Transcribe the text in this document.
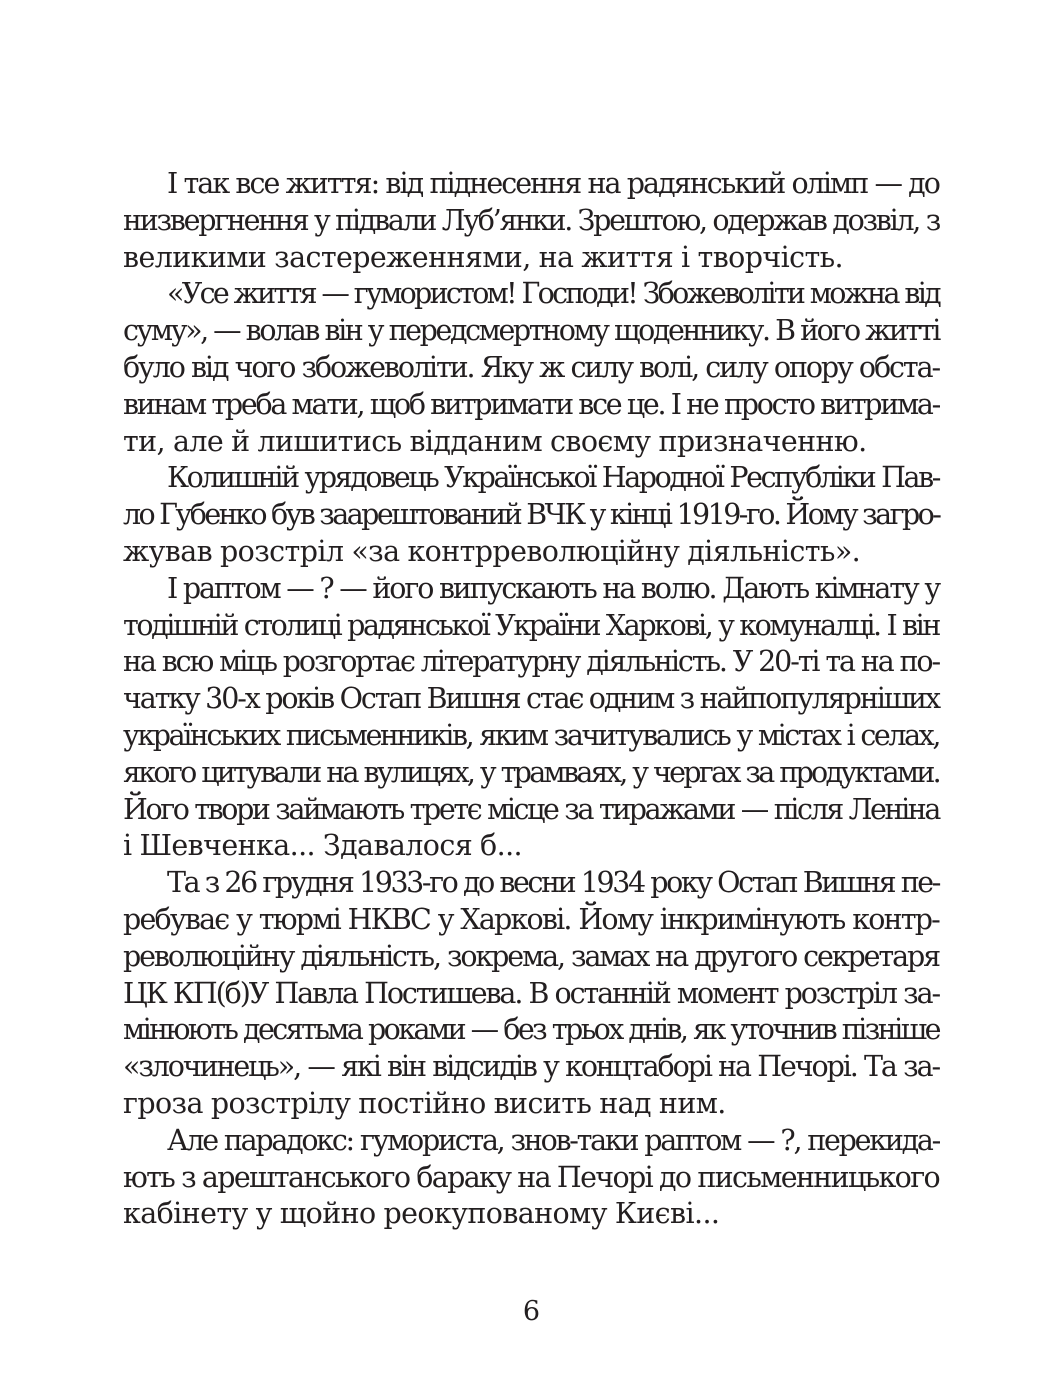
І так все життя: від піднесення на радянський олімп — до
низвергнення у підвали Луб’янки. Зрештою, одержав дозвіл, з
великими застереженнями, на життя і творчість.
«Усе життя — гумористом! Господи! Збожеволіти можна від
суму», — волав він у передсмертному щоденнику. В його житті
було від чого збожеволіти. Яку ж силу волі, силу опору обста-
винам треба мати, щоб витримати все це. І не просто витрима-
ти, але й лишитись відданим своєму призначенню.
Колишній урядовець Української Народної Республіки Пав-
ло Губенко був заарештований ВЧК у кінці 1919-го. Йому загро-
жував розстріл «за контрреволюційну діяльність».
І раптом — ? — його випускають на волю. Дають кімнату у
тодішній столиці радянської України Харкові, у комуналці. І він
на всю міць розгортає літературну діяльність. У 20-ті та на по-
чатку 30-х років Остап Вишня стає одним з найпопулярніших
українських письменників, яким зачитувались у містах і селах,
якого цитували на вулицях, у трамваях, у чергах за продуктами.
Його твори займають третє місце за тиражами — після Леніна
і Шевченка... Здавалося б...
Та з 26 грудня 1933-го до весни 1934 року Остап Вишня пе-
ребуває у тюрмі НКВС у Харкові. Йому інкримінують контр-
революційну діяльність, зокрема, замах на другого секретаря
ЦК КП(б)У Павла Постишева. В останній момент розстріл за-
мінюють десятьма роками — без трьох днів, як уточнив пізніше
«злочинець», — які він відсидів у концтаборі на Печорі. Та за-
гроза розстрілу постійно висить над ним.
Але парадокс: гумориста, знов-таки раптом — ?, перекида-
ють з арештанського бараку на Печорі до письменницького
кабінету у щойно реокупованому Києві...
6
